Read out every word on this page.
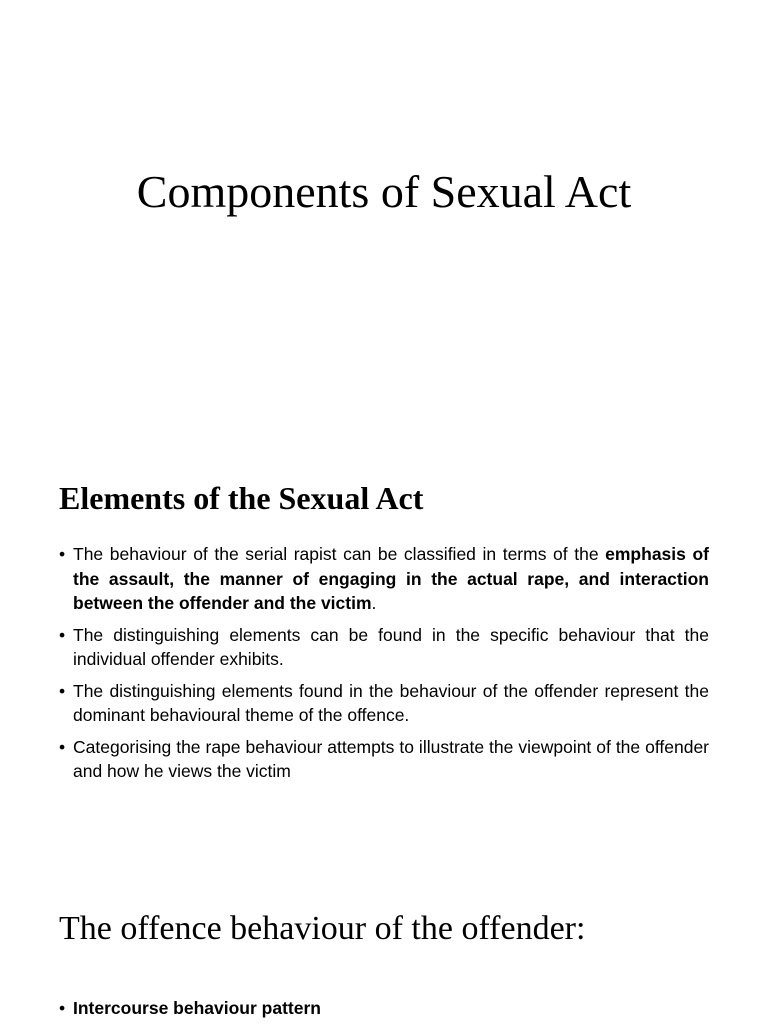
Components of Sexual Act
Elements of the Sexual Act
• The behaviour of the serial rapist can be classified in terms of the emphasis of the assault, the manner of engaging in the actual rape, and interaction between the offender and the victim.
• The distinguishing elements can be found in the specific behaviour that the individual offender exhibits.
• The distinguishing elements found in the behaviour of the offender represent the dominant behavioural theme of the offence.
• Categorising the rape behaviour attempts to illustrate the viewpoint of the offender and how he views the victim
The offence behaviour of the offender:
• Intercourse behaviour pattern
